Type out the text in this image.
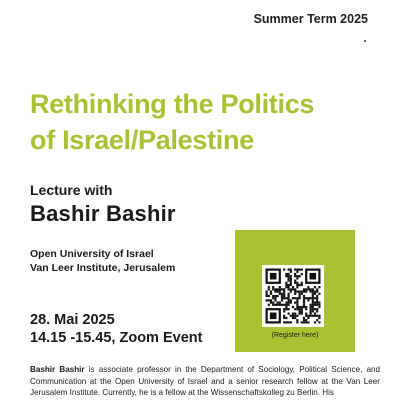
Summer Term 2025
Rethinking the Politics
of Israel/Palestine
Lecture with
Bashir Bashir
Open University of Israel
Van Leer Institute, Jerusalem
28. Mai 2025
14.15 -15.45, Zoom Event	(Register here)
Bashir Bashir is associate professor in the Department of Sociology, Political Science, and Communication at the Open University of Israel and a senior research fellow at the Van Leer Jerusalem Institute. Currently, he is a fellow at the Wissenschaftskolleg zu Berlin. His
